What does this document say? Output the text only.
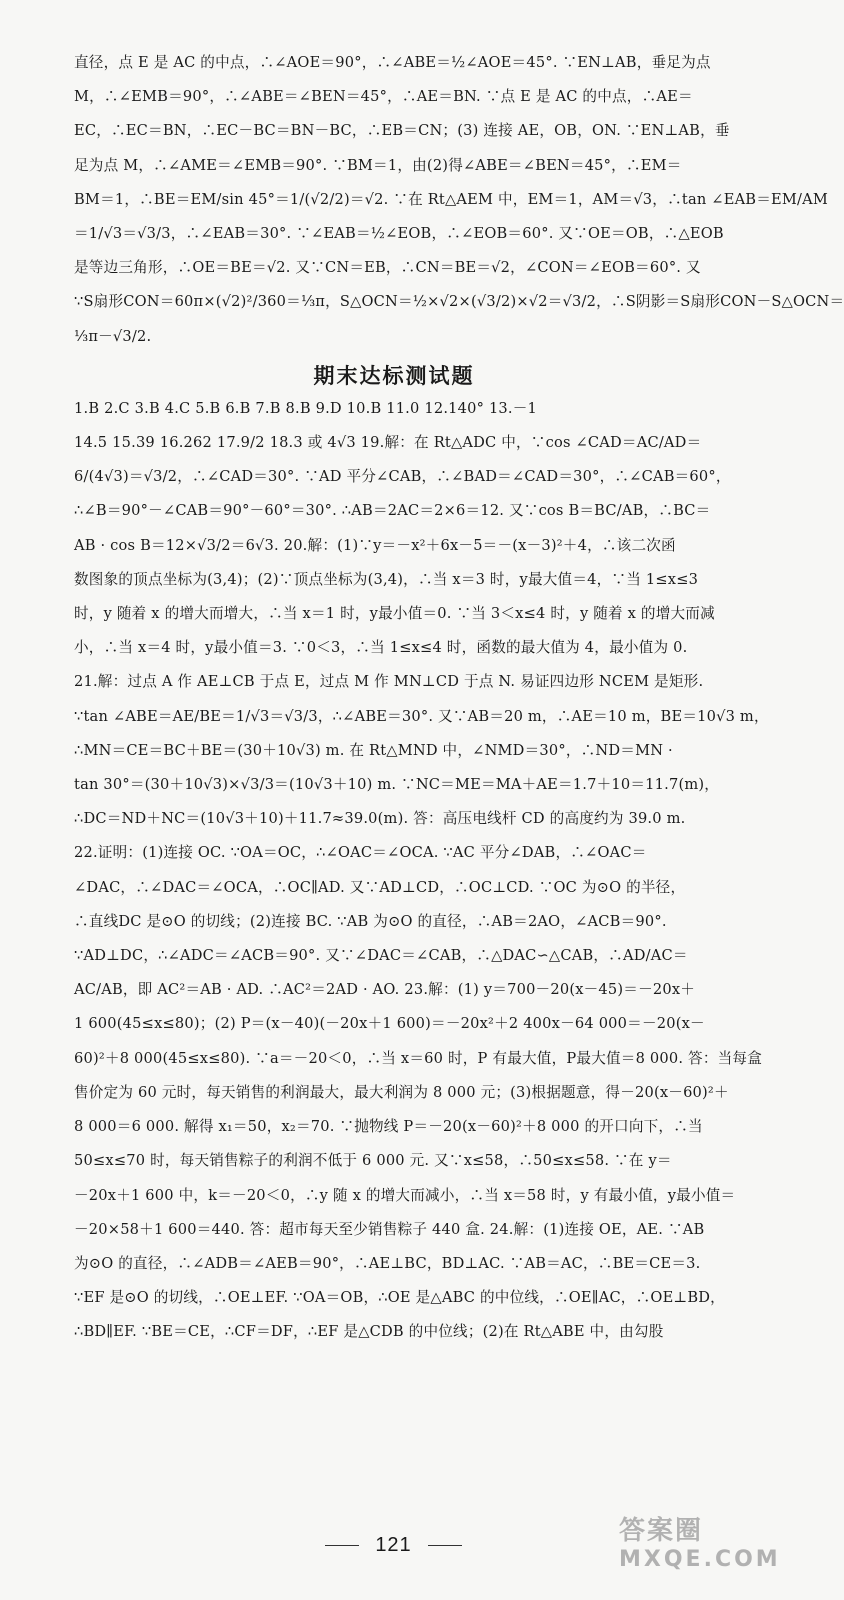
直径，点 E 是 AC 的中点，∴∠AOE＝90°，∴∠ABE＝½∠AOE＝45°. ∵EN⊥AB，垂足为点
M，∴∠EMB＝90°，∴∠ABE＝∠BEN＝45°，∴AE＝BN. ∵点 E 是 AC 的中点，∴AE＝
EC，∴EC＝BN，∴EC－BC＝BN－BC，∴EB＝CN；(3) 连接 AE，OB，ON. ∵EN⊥AB，垂
足为点 M，∴∠AME＝∠EMB＝90°. ∵BM＝1，由(2)得∠ABE＝∠BEN＝45°，∴EM＝
BM＝1，∴BE＝EM/sin 45°＝1/(√2/2)＝√2. ∵在 Rt△AEM 中，EM＝1，AM＝√3，∴tan ∠EAB＝EM/AM
＝1/√3＝√3/3，∴∠EAB＝30°. ∵∠EAB＝½∠EOB，∴∠EOB＝60°. 又∵OE＝OB，∴△EOB
是等边三角形，∴OE＝BE＝√2. 又∵CN＝EB，∴CN＝BE＝√2，∠CON＝∠EOB＝60°. 又
∵S扇形CON＝60π×(√2)²/360＝⅓π，S△OCN＝½×√2×(√3/2)×√2＝√3/2，∴S阴影＝S扇形CON－S△OCN＝
⅓π－√3/2.
期末达标测试题
1.B 2.C 3.B 4.C 5.B 6.B 7.B 8.B 9.D 10.B 11.0 12.140° 13.－1
14.5 15.39 16.262 17.9/2 18.3 或 4√3 19.解：在 Rt△ADC 中，∵cos ∠CAD＝AC/AD＝
6/(4√3)＝√3/2，∴∠CAD＝30°. ∵AD 平分∠CAB，∴∠BAD＝∠CAD＝30°，∴∠CAB＝60°，
∴∠B＝90°－∠CAB＝90°－60°＝30°. ∴AB＝2AC＝2×6＝12. 又∵cos B＝BC/AB，∴BC＝
AB · cos B＝12×√3/2＝6√3. 20.解：(1)∵y＝－x²＋6x－5＝－(x－3)²＋4，∴该二次函
数图象的顶点坐标为(3,4)；(2)∵顶点坐标为(3,4)，∴当 x＝3 时，y最大值＝4，∵当 1≤x≤3
时，y 随着 x 的增大而增大，∴当 x＝1 时，y最小值＝0. ∵当 3＜x≤4 时，y 随着 x 的增大而减
小，∴当 x＝4 时，y最小值＝3. ∵0＜3，∴当 1≤x≤4 时，函数的最大值为 4，最小值为 0.
21.解：过点 A 作 AE⊥CB 于点 E，过点 M 作 MN⊥CD 于点 N. 易证四边形 NCEM 是矩形.
∵tan ∠ABE＝AE/BE＝1/√3＝√3/3，∴∠ABE＝30°. 又∵AB＝20 m，∴AE＝10 m，BE＝10√3 m，
∴MN＝CE＝BC＋BE＝(30＋10√3) m. 在 Rt△MND 中，∠NMD＝30°，∴ND＝MN ·
tan 30°＝(30＋10√3)×√3/3＝(10√3＋10) m. ∵NC＝ME＝MA＋AE＝1.7＋10＝11.7(m)，
∴DC＝ND＋NC＝(10√3＋10)＋11.7≈39.0(m). 答：高压电线杆 CD 的高度约为 39.0 m.
22.证明：(1)连接 OC. ∵OA＝OC，∴∠OAC＝∠OCA. ∵AC 平分∠DAB，∴∠OAC＝
∠DAC，∴∠DAC＝∠OCA，∴OC∥AD. 又∵AD⊥CD，∴OC⊥CD. ∵OC 为⊙O 的半径，
∴直线DC 是⊙O 的切线；(2)连接 BC. ∵AB 为⊙O 的直径，∴AB＝2AO，∠ACB＝90°.
∵AD⊥DC，∴∠ADC＝∠ACB＝90°. 又∵∠DAC＝∠CAB，∴△DAC∽△CAB，∴AD/AC＝
AC/AB，即 AC²＝AB · AD. ∴AC²＝2AD · AO. 23.解：(1) y＝700－20(x－45)＝－20x＋
1 600(45≤x≤80)；(2) P＝(x－40)(－20x＋1 600)＝－20x²＋2 400x－64 000＝－20(x－
60)²＋8 000(45≤x≤80). ∵a＝－20＜0，∴当 x＝60 时，P 有最大值，P最大值＝8 000. 答：当每盒
售价定为 60 元时，每天销售的利润最大，最大利润为 8 000 元；(3)根据题意，得－20(x－60)²＋
8 000＝6 000. 解得 x₁＝50，x₂＝70. ∵抛物线 P＝－20(x－60)²＋8 000 的开口向下，∴当
50≤x≤70 时，每天销售粽子的利润不低于 6 000 元. 又∵x≤58，∴50≤x≤58. ∵在 y＝
－20x＋1 600 中，k＝－20＜0，∴y 随 x 的增大而减小，∴当 x＝58 时，y 有最小值，y最小值＝
－20×58＋1 600＝440. 答：超市每天至少销售粽子 440 盒. 24.解：(1)连接 OE，AE. ∵AB
为⊙O 的直径，∴∠ADB＝∠AEB＝90°，∴AE⊥BC，BD⊥AC. ∵AB＝AC，∴BE＝CE＝3.
∵EF 是⊙O 的切线，∴OE⊥EF. ∵OA＝OB，∴OE 是△ABC 的中位线，∴OE∥AC，∴OE⊥BD，
∴BD∥EF. ∵BE＝CE，∴CF＝DF，∴EF 是△CDB 的中位线；(2)在 Rt△ABE 中，由勾股
121	答案圈
MXQE.COM
